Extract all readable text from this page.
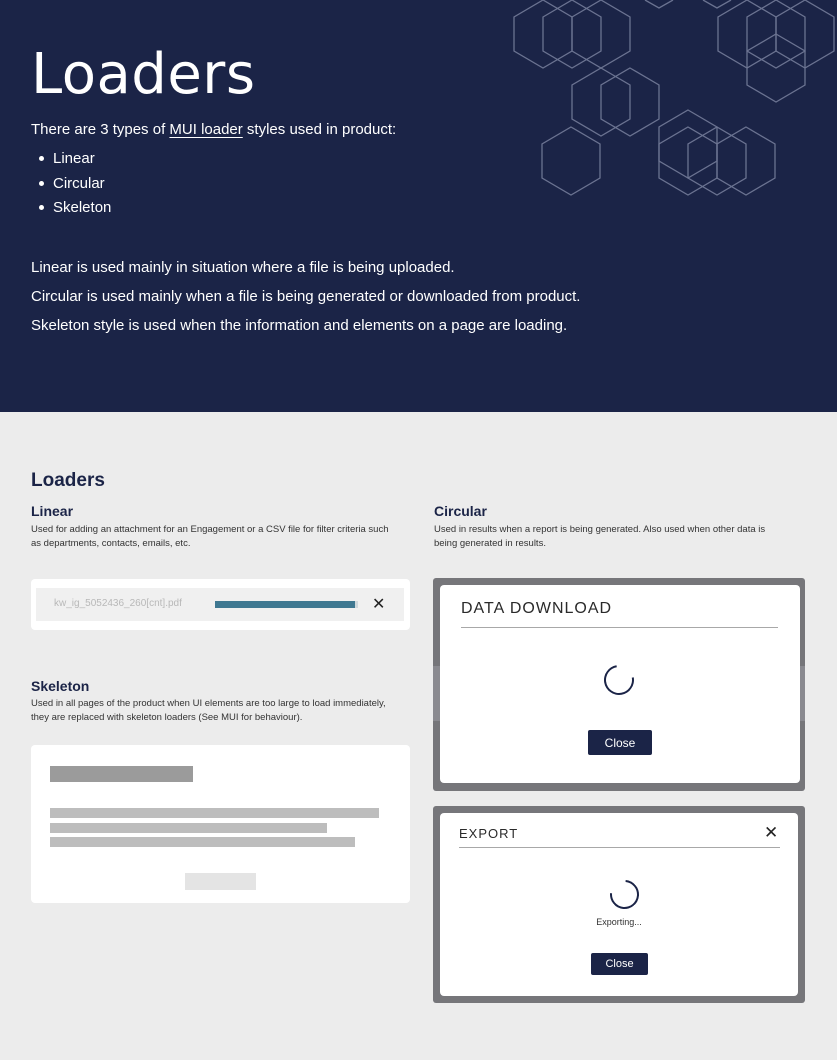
Loaders

There are 3 types of MUI loader styles used in product:

Linear
Circular
Skeleton

Linear is used mainly in situation where a file is being uploaded.

Circular is used mainly when a file is being generated or downloaded from product.

Skeleton style is used when the information and elements on a page are loading.

Loaders
Linear

Used for adding an attachment for an Engagement or a CSV file for filter criteria such as departments, contacts, emails, etc.

kw_ig_5052436_260[cnt].pdf	✕
Skeleton

Used in all pages of the product when UI elements are too large to load immediately, they are replaced with skeleton loaders (See MUI for behaviour).

Circular

Used in results when a report is being generated. Also used when other data is being generated in results.

DATA DOWNLOAD
Close
EXPORT	✕
Exporting...
Close
